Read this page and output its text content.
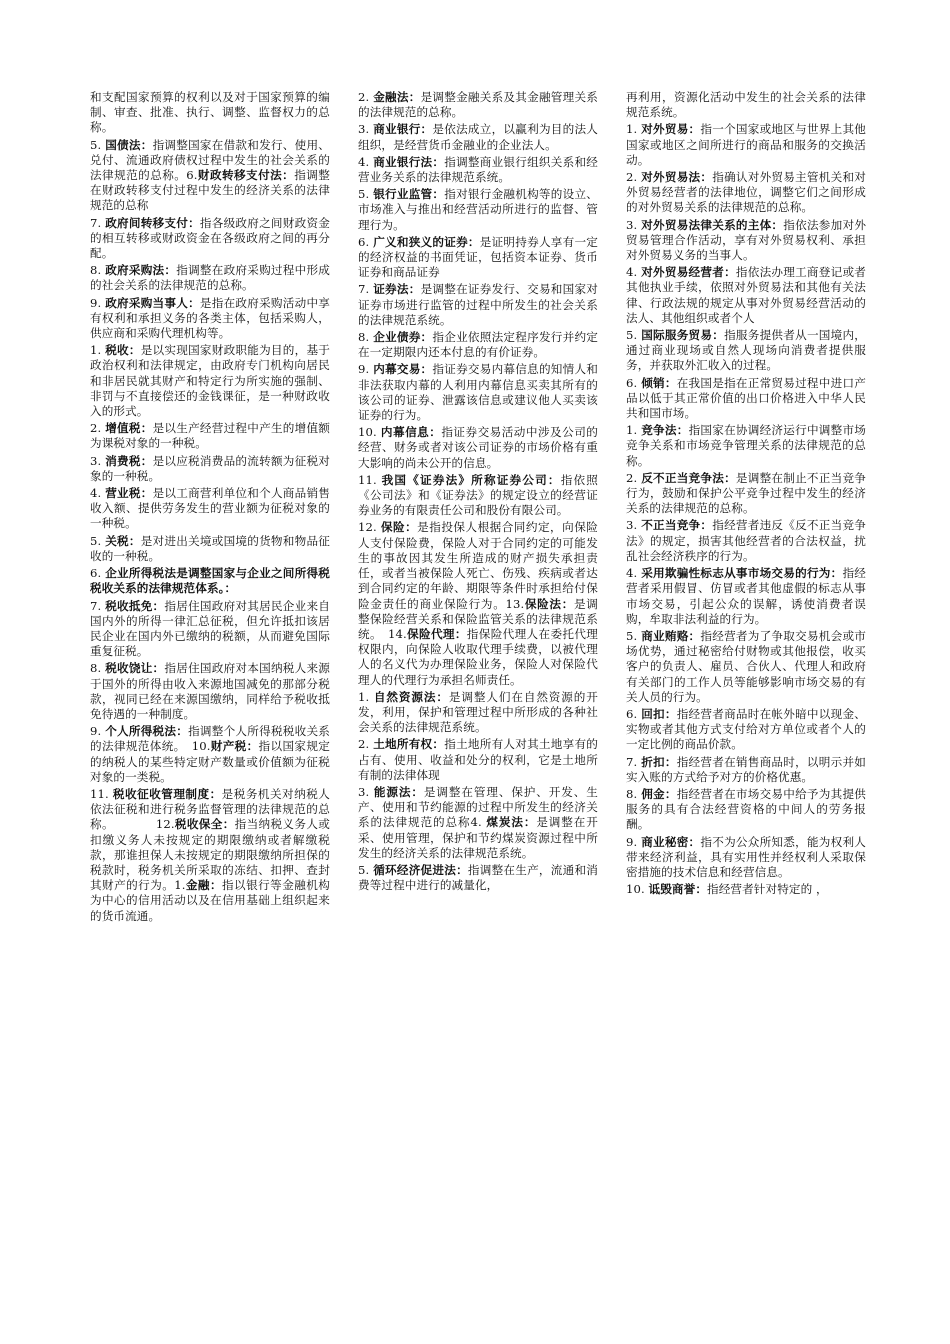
和支配国家预算的权利以及对于国家预算的编制、审查、批准、执行、调整、监督权力的总称。

5. 国债法：指调整国家在借款和发行、使用、兑付、流通政府债权过程中发生的社会关系的法律规范的总称。6.财政转移支付法：指调整在财政转移支付过程中发生的经济关系的法律规范的总称

7. 政府间转移支付：指各级政府之间财政资金的相互转移或财政资金在各级政府之间的再分配。

8. 政府采购法：指调整在政府采购过程中形成的社会关系的法律规范的总称。

9. 政府采购当事人：是指在政府采购活动中享有权利和承担义务的各类主体，包括采购人，供应商和采购代理机构等。

1. 税收：是以实现国家财政职能为目的，基于政治权利和法律规定，由政府专门机构向居民和非居民就其财产和特定行为所实施的强制、非罚与不直接偿还的金钱课征，是一种财政收入的形式。

2. 增值税：是以生产经营过程中产生的增值额为课税对象的一种税。

3. 消费税：是以应税消费品的流转额为征税对象的一种税。

4. 营业税：是以工商营利单位和个人商品销售收入额、提供劳务发生的营业额为征税对象的一种税。

5. 关税：是对进出关境或国境的货物和物品征收的一种税。

6. 企业所得税法是调整国家与企业之间所得税税收关系的法律规范体系。：

7. 税收抵免：指居住国政府对其居民企业来自国内外的所得一律汇总征税，但允许抵扣该居民企业在国内外已缴纳的税额，从而避免国际重复征税。

8. 税收饶让：指居住国政府对本国纳税人来源于国外的所得由收入来源地国减免的那部分税款，视同已经在来源国缴纳，同样给予税收抵免待遇的一种制度。

9. 个人所得税法：指调整个人所得税税收关系的法律规范体统。　10.财产税：指以国家规定的纳税人的某些特定财产数量或价值额为征税对象的一类税。

11. 税收征收管理制度：是税务机关对纳税人依法征税和进行税务监督管理的法律规范的总称。　　　　12.税收保全：指当纳税义务人或扣缴义务人未按规定的期限缴纳或者解缴税款，那谁担保人未按规定的期限缴纳所担保的税款时，税务机关所采取的冻结、扣押、查封其财产的行为。1.金融：指以银行等金融机构为中心的信用活动以及在信用基础上组织起来的货币流通。

2. 金融法：是调整金融关系及其金融管理关系的法律规范的总称。

3. 商业银行：是依法成立，以赢利为目的法人组织，是经营货币金融业的企业法人。

4. 商业银行法：指调整商业银行组织关系和经营业务关系的法律规范系统。

5. 银行业监管：指对银行金融机构等的设立、市场准入与推出和经营活动所进行的监督、管理行为。

6. 广义和狭义的证券：是证明持券人享有一定的经济权益的书面凭证，包括资本证券、货币证券和商品证券

7. 证券法：是调整在证券发行、交易和国家对证券市场进行监管的过程中所发生的社会关系的法律规范系统。

8. 企业债券：指企业依照法定程序发行并约定在一定期限内还本付息的有价证券。

9. 内幕交易：指证券交易内幕信息的知情人和非法获取内幕的人利用内幕信息买卖其所有的该公司的证券、泄露该信息或建议他人买卖该证券的行为。

10. 内幕信息：指证券交易活动中涉及公司的经营、财务或者对该公司证券的市场价格有重大影响的尚未公开的信息。

11. 我国《证券法》所称证券公司：指依照《公司法》和《证券法》的规定设立的经营证券业务的有限责任公司和股份有限公司。

12. 保险：是指投保人根据合同约定，向保险人支付保险费，保险人对于合同约定的可能发生的事故因其发生所造成的财产损失承担责任，或者当被保险人死亡、伤残、疾病或者达到合同约定的年龄、期限等条件时承担给付保险金责任的商业保险行为。13.保险法：是调整保险经营关系和保险监管关系的法律规范系统。　14.保险代理：指保险代理人在委托代理权限内，向保险人收取代理手续费，以被代理人的名义代为办理保险业务，保险人对保险代理人的代理行为承担名师责任。

1. 自然资源法：是调整人们在自然资源的开发，利用，保护和管理过程中所形成的各种社会关系的法律规范系统。

2. 土地所有权：指土地所有人对其土地享有的占有、使用、收益和处分的权利，它是土地所有制的法律体现

3. 能源法：是调整在管理、保护、开发、生产、使用和节约能源的过程中所发生的经济关系的法律规范的总称4. 煤炭法：是调整在开采、使用管理，保护和节约煤炭资源过程中所发生的经济关系的法律规范系统。

5. 循环经济促进法：指调整在生产，流通和消费等过程中进行的减量化，

再利用，资源化活动中发生的社会关系的法律规范系统。

1. 对外贸易：指一个国家或地区与世界上其他国家或地区之间所进行的商品和服务的交换活动。

2. 对外贸易法：指确认对外贸易主管机关和对外贸易经营者的法律地位，调整它们之间形成的对外贸易关系的法律规范的总称。

3. 对外贸易法律关系的主体：指依法参加对外贸易管理合作活动，享有对外贸易权利、承担对外贸易义务的当事人。

4. 对外贸易经营者：指依法办理工商登记或者其他执业手续，依照对外贸易法和其他有关法律、行政法规的规定从事对外贸易经营活动的法人、其他组织或者个人

5. 国际服务贸易：指服务提供者从一国境内，通过商业现场或自然人现场向消费者提供服务，并获取外汇收入的过程。

6. 倾销：在我国是指在正常贸易过程中进口产品以低于其正常价值的出口价格进入中华人民共和国市场。

1. 竞争法：指国家在协调经济运行中调整市场竞争关系和市场竞争管理关系的法律规范的总称。

2. 反不正当竞争法：是调整在制止不正当竞争行为，鼓励和保护公平竞争过程中发生的经济关系的法律规范的总称。

3. 不正当竞争：指经营者违反《反不正当竞争法》的规定，损害其他经营者的合法权益，扰乱社会经济秩序的行为。

4. 采用欺骗性标志从事市场交易的行为：指经营者采用假冒、仿冒或者其他虚假的标志从事市场交易，引起公众的误解，诱使消费者误购，牟取非法利益的行为。

5. 商业贿赂：指经营者为了争取交易机会或市场优势，通过秘密给付财物或其他报偿，收买客户的负责人、雇员、合伙人、代理人和政府有关部门的工作人员等能够影响市场交易的有关人员的行为。

6. 回扣：指经营者商品时在帐外暗中以现金、实物或者其他方式支付给对方单位或者个人的一定比例的商品价款。

7. 折扣：指经营者在销售商品时，以明示并如实入账的方式给予对方的价格优惠。

8. 佣金：指经营者在市场交易中给予为其提供服务的具有合法经营资格的中间人的劳务报酬。

9. 商业秘密：指不为公众所知悉，能为权利人带来经济利益，具有实用性并经权利人采取保密措施的技术信息和经营信息。

10. 诋毁商誉：指经营者针对特定的 ，
